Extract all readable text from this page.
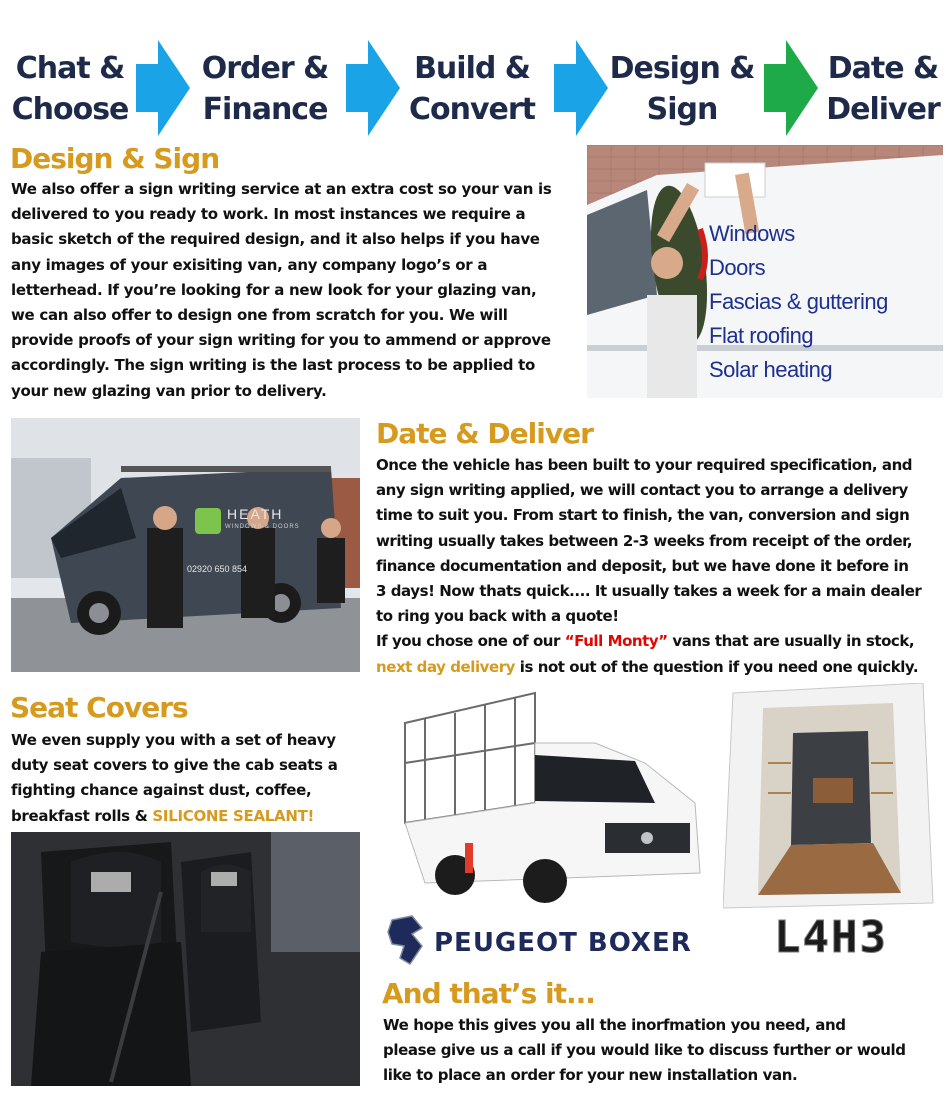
Chat &
Choose
Order &
Finance
Build &
Convert
Design &
Sign
Date &
Deliver
Design & Sign
We also offer a sign writing service at an extra cost so your van is
delivered to you ready to work. In most instances we require a
basic sketch of the required design, and it also helps if you have
any images of your exisiting van, any company logo’s or a
letterhead. If you’re looking for a new look for your glazing van,
we can also offer to design one from scratch for you. We will
provide proofs of your sign writing for you to ammend or approve
accordingly. The sign writing is the last process to be applied to
your new glazing van prior to delivery.
Windows
Doors
Fascias & guttering
Flat roofing
Solar heating
HEATH
WINDOWS & DOORS
02920 650 854
Date & Deliver
Once the vehicle has been built to your required specification, and
any sign writing applied, we will contact you to arrange a delivery
time to suit you. From start to finish, the van, conversion and sign
writing usually takes between 2-3 weeks from receipt of the order,
finance documentation and deposit, but we have done it before in
3 days! Now thats quick.... It usually takes a week for a main dealer
to ring you back with a quote!
If you chose one of our “Full Monty” vans that are usually in stock,
next day delivery is not out of the question if you need one quickly.
Seat Covers
We even supply you with a set of heavy
duty seat covers to give the cab seats a
fighting chance against dust, coffee,
breakfast rolls & SILICONE SEALANT!
PEUGEOT BOXER L4H3
And that’s it...
We hope this gives you all the inorfmation you need, and
please give us a call if you would like to discuss further or would
like to place an order for your new installation van.
